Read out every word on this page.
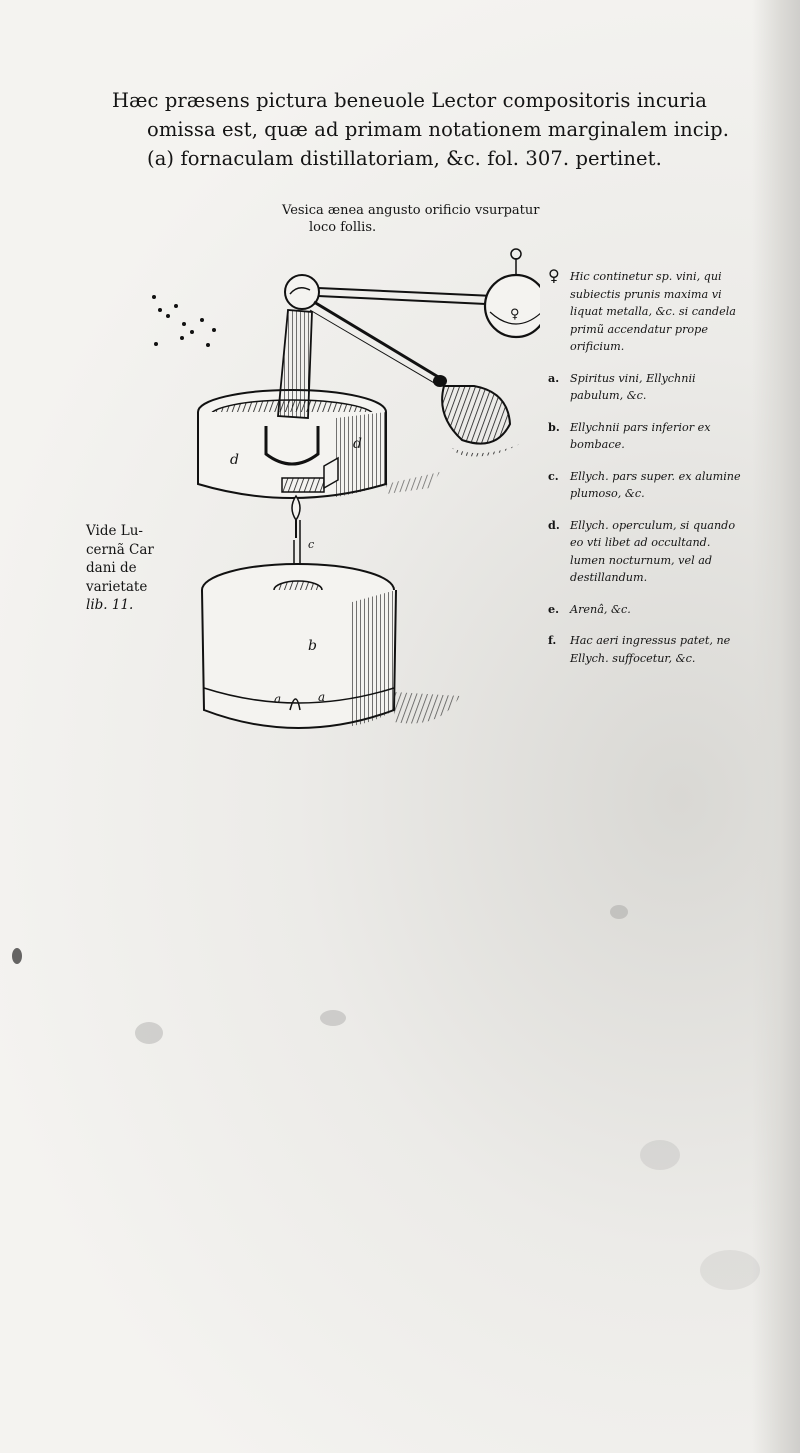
Hæc præsens pictura beneuole Lector compositoris incuria
omissa est, quæ ad primam notationem marginalem incip.
(a) fornaculam distillatoriam, &c. fol. 307. pertinet.
Vesica ænea angusto orificio vsurpatur
loco follis.
Vide Lu-
cernã Car
dani de
varietate
lib. 11.
♀
d
d
c
b
a	a
♀ Hic continetur sp. vini, qui subiectis prunis maxima vi liquat metalla, &c. si candela primũ accendatur prope orificium.
a. Spiritus vini, Ellychnii pabulum, &c.
b. Ellychnii pars inferior ex bombace.
c.	Ellych. pars super. ex alumine plumoso, &c.
d. Ellych. operculum, si quando eo vti libet ad occultand. lumen nocturnum, vel ad destillandum.
e. Arenâ, &c.
f.	Hac aeri ingressus patet, ne Ellych. suffocetur, &c.
